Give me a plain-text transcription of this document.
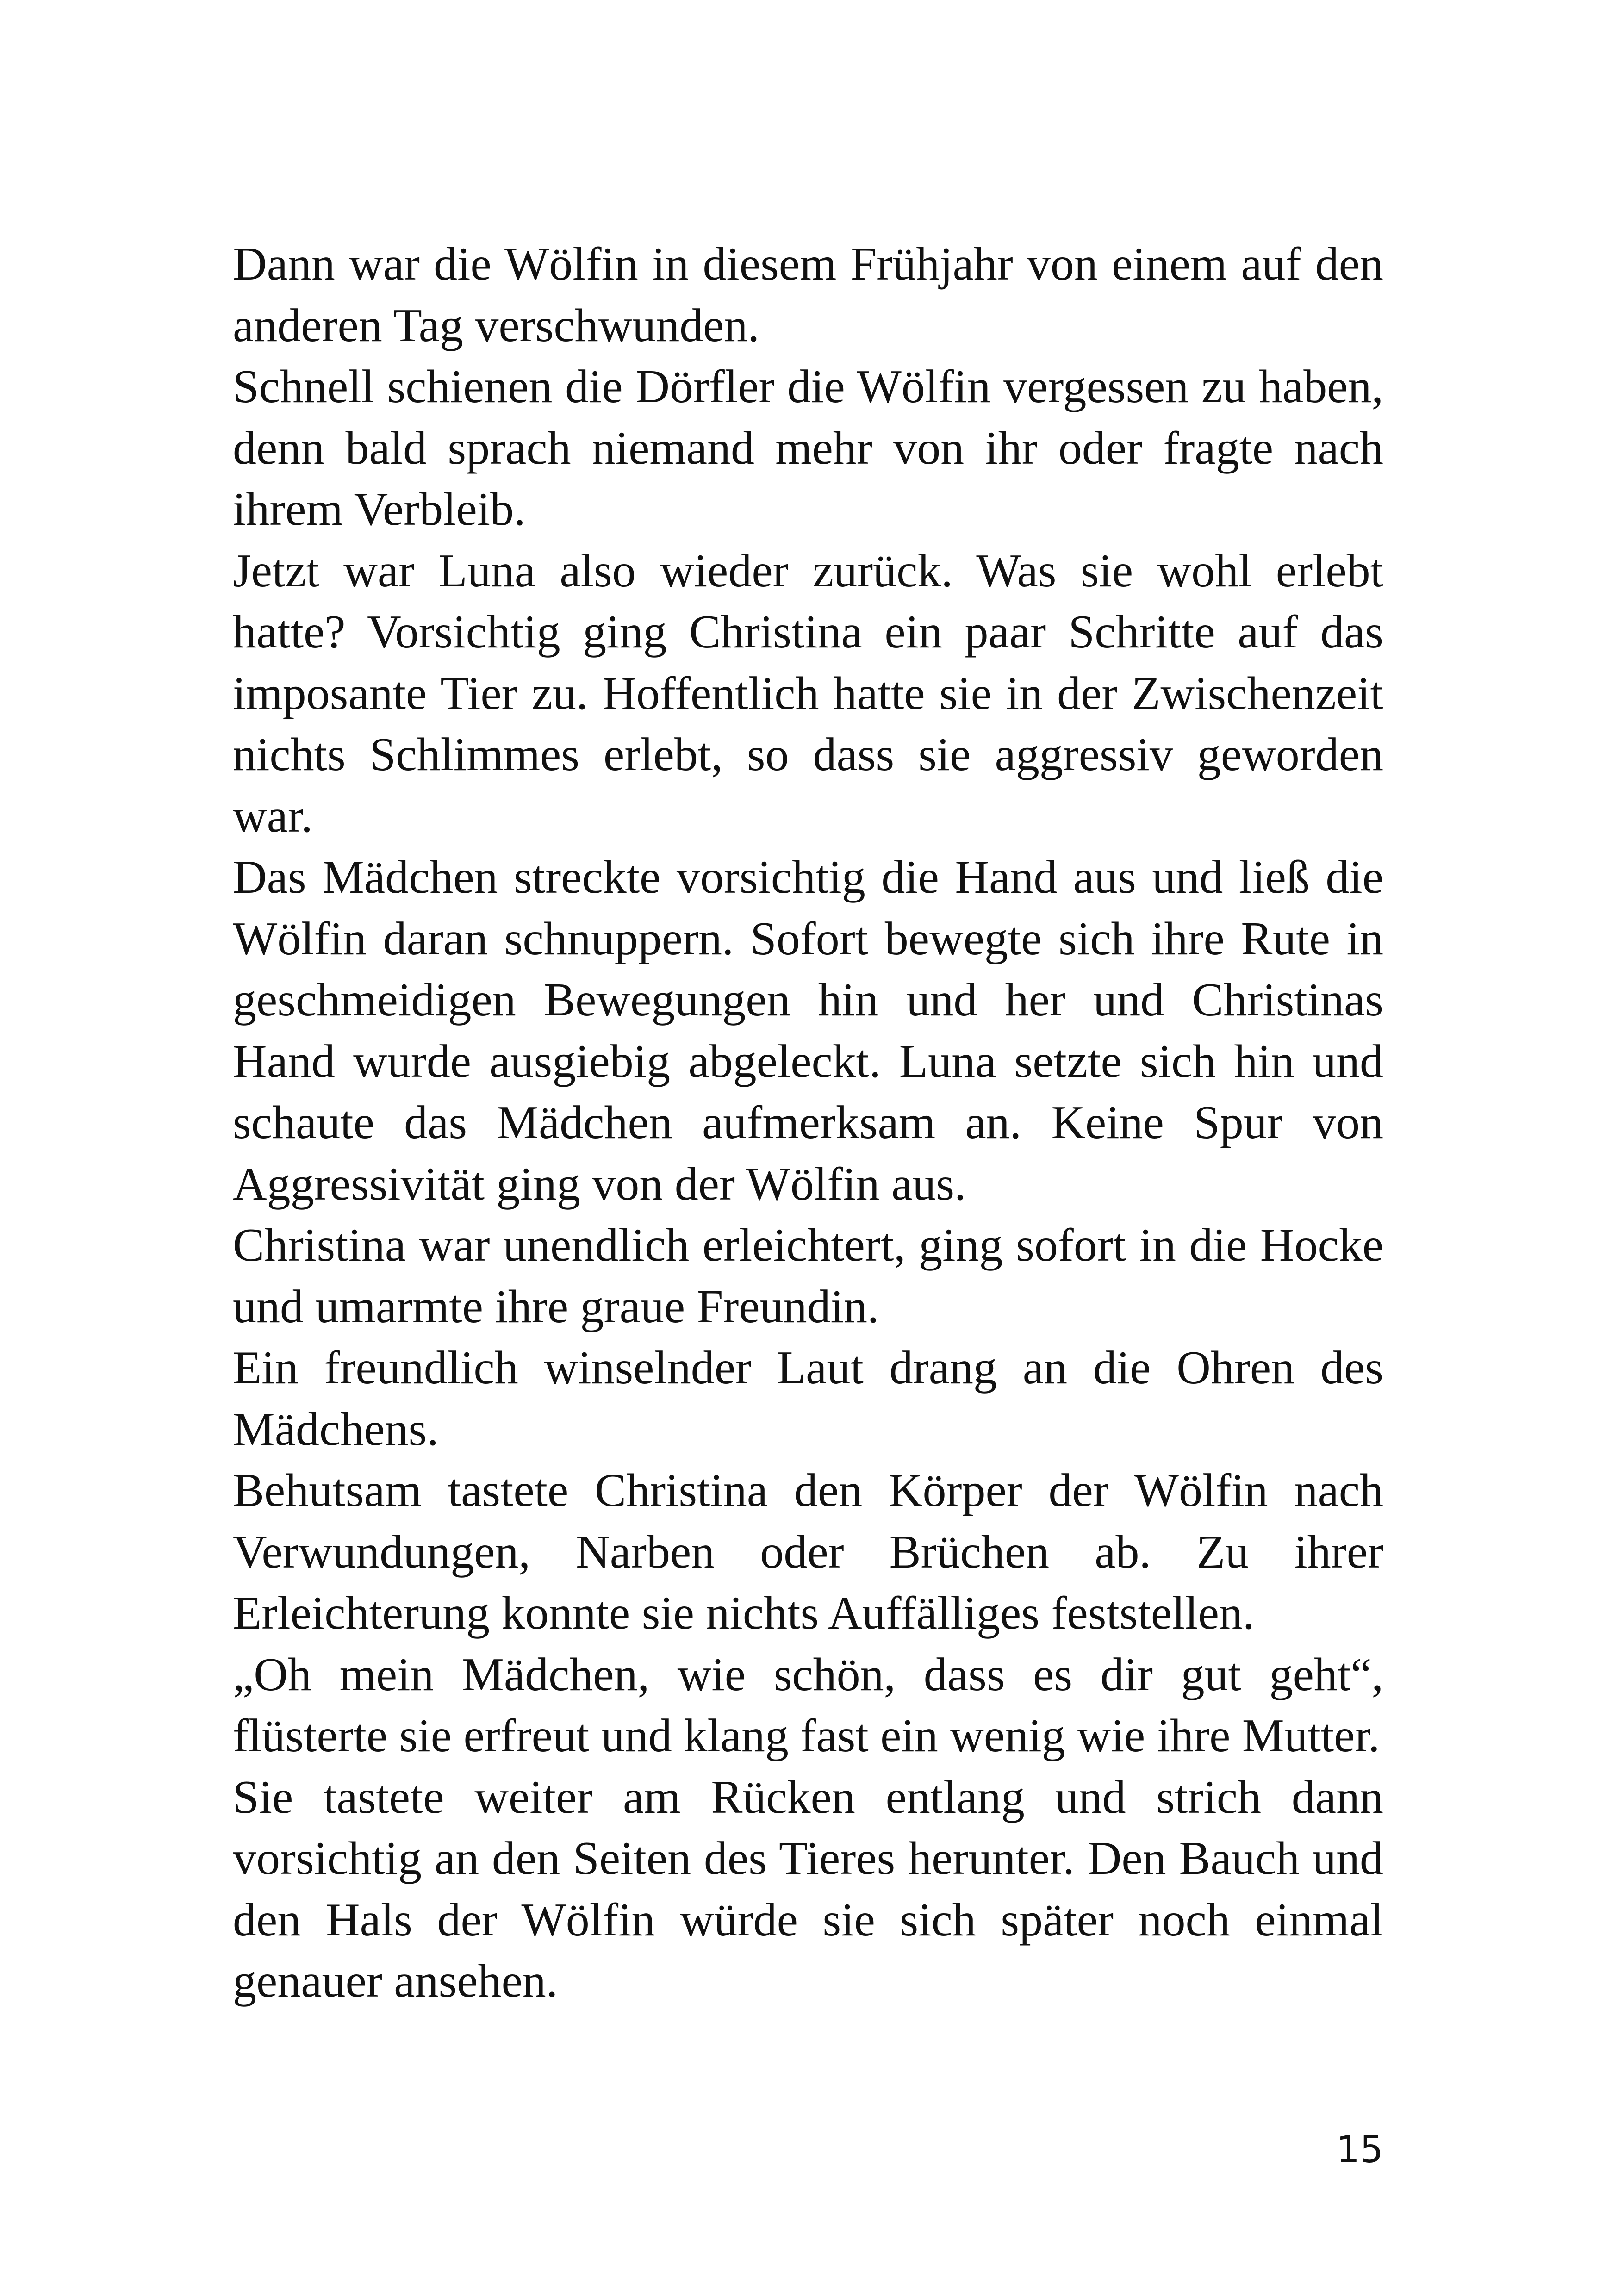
Dann war die Wölfin in diesem Frühjahr von einem auf den anderen Tag verschwunden.

Schnell schienen die Dörfler die Wölfin vergessen zu haben, denn bald sprach niemand mehr von ihr oder fragte nach ihrem Verbleib.

Jetzt war Luna also wieder zurück. Was sie wohl erlebt hatte? Vorsichtig ging Christina ein paar Schritte auf das imposante Tier zu. Hoffentlich hatte sie in der Zwischenzeit nichts Schlimmes erlebt, so dass sie aggressiv geworden war.

Das Mädchen streckte vorsichtig die Hand aus und ließ die Wölfin daran schnuppern. Sofort bewegte sich ihre Rute in geschmeidigen Bewegungen hin und her und Christinas Hand wurde ausgiebig abgeleckt. Luna setzte sich hin und schaute das Mädchen aufmerksam an. Keine Spur von Aggressivität ging von der Wölfin aus.

Christina war unendlich erleichtert, ging sofort in die Hocke und umarmte ihre graue Freundin.

Ein freundlich winselnder Laut drang an die Ohren des Mädchens.

Behutsam tastete Christina den Körper der Wölfin nach Verwundungen, Narben oder Brüchen ab. Zu ihrer Erleichterung konnte sie nichts Auffälliges feststellen.

„Oh mein Mädchen, wie schön, dass es dir gut geht“, flüsterte sie erfreut und klang fast ein wenig wie ihre Mutter.

Sie tastete weiter am Rücken entlang und strich dann vorsichtig an den Seiten des Tieres herunter. Den Bauch und den Hals der Wölfin würde sie sich später noch einmal genauer ansehen.

15
